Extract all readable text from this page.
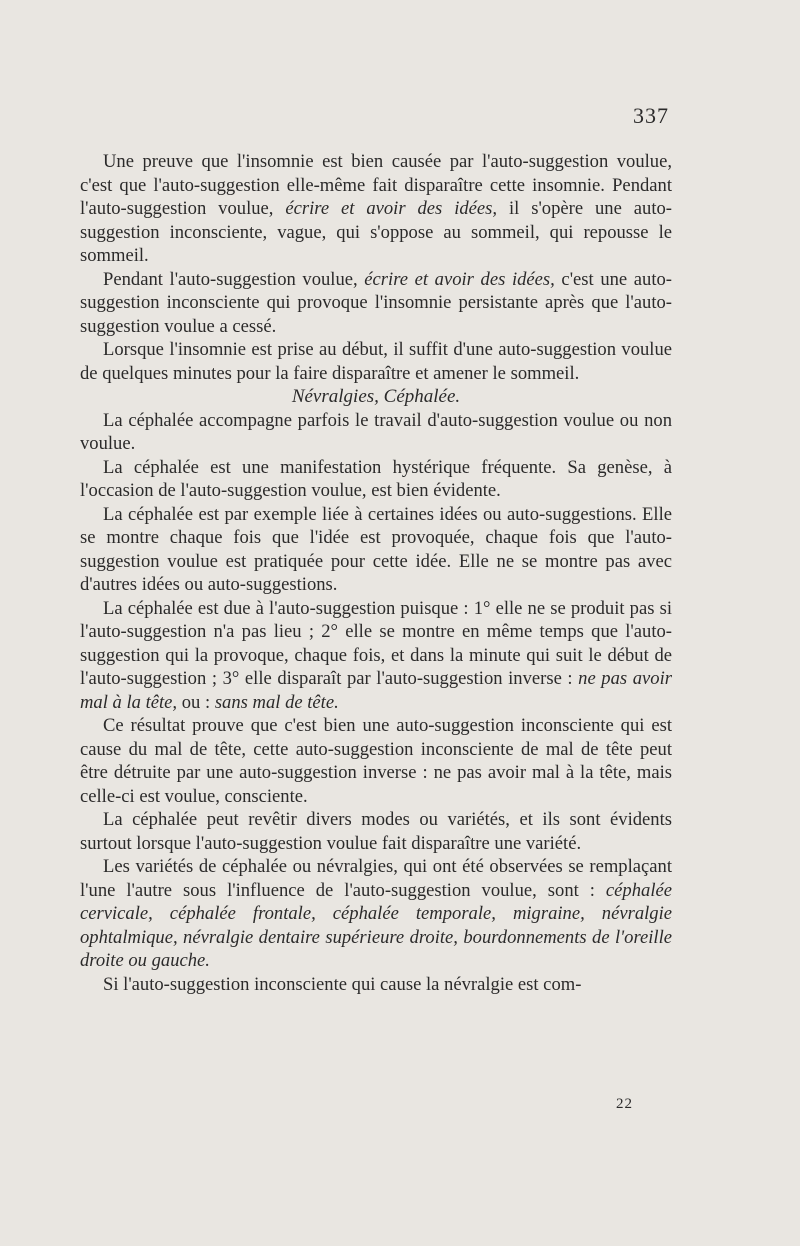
337

Une preuve que l'insomnie est bien causée par l'auto-suggestion voulue, c'est que l'auto-suggestion elle-même fait disparaître cette insomnie. Pendant l'auto-suggestion voulue, écrire et avoir des idées, il s'opère une auto-suggestion inconsciente, vague, qui s'oppose au sommeil, qui repousse le sommeil.

Pendant l'auto-suggestion voulue, écrire et avoir des idées, c'est une auto-suggestion inconsciente qui provoque l'insomnie persistante après que l'auto-suggestion voulue a cessé.

Lorsque l'insomnie est prise au début, il suffit d'une auto-suggestion voulue de quelques minutes pour la faire disparaître et amener le sommeil.

Névralgies, Céphalée.

La céphalée accompagne parfois le travail d'auto-suggestion voulue ou non voulue.

La céphalée est une manifestation hystérique fréquente. Sa genèse, à l'occasion de l'auto-suggestion voulue, est bien évidente.

La céphalée est par exemple liée à certaines idées ou auto-suggestions. Elle se montre chaque fois que l'idée est provoquée, chaque fois que l'auto-suggestion voulue est pratiquée pour cette idée. Elle ne se montre pas avec d'autres idées ou auto-suggestions.

La céphalée est due à l'auto-suggestion puisque : 1° elle ne se produit pas si l'auto-suggestion n'a pas lieu ; 2° elle se montre en même temps que l'auto-suggestion qui la provoque, chaque fois, et dans la minute qui suit le début de l'auto-suggestion ; 3° elle disparaît par l'auto-suggestion inverse : ne pas avoir mal à la tête, ou : sans mal de tête.

Ce résultat prouve que c'est bien une auto-suggestion inconsciente qui est cause du mal de tête, cette auto-suggestion inconsciente de mal de tête peut être détruite par une auto-suggestion inverse : ne pas avoir mal à la tête, mais celle-ci est voulue, consciente.

La céphalée peut revêtir divers modes ou variétés, et ils sont évidents surtout lorsque l'auto-suggestion voulue fait disparaître une variété.

Les variétés de céphalée ou névralgies, qui ont été observées se remplaçant l'une l'autre sous l'influence de l'auto-suggestion voulue, sont : céphalée cervicale, céphalée frontale, céphalée temporale, migraine, névralgie ophtalmique, névralgie dentaire supérieure droite, bourdonnements de l'oreille droite ou gauche.

Si l'auto-suggestion inconsciente qui cause la névralgie est com-

22
